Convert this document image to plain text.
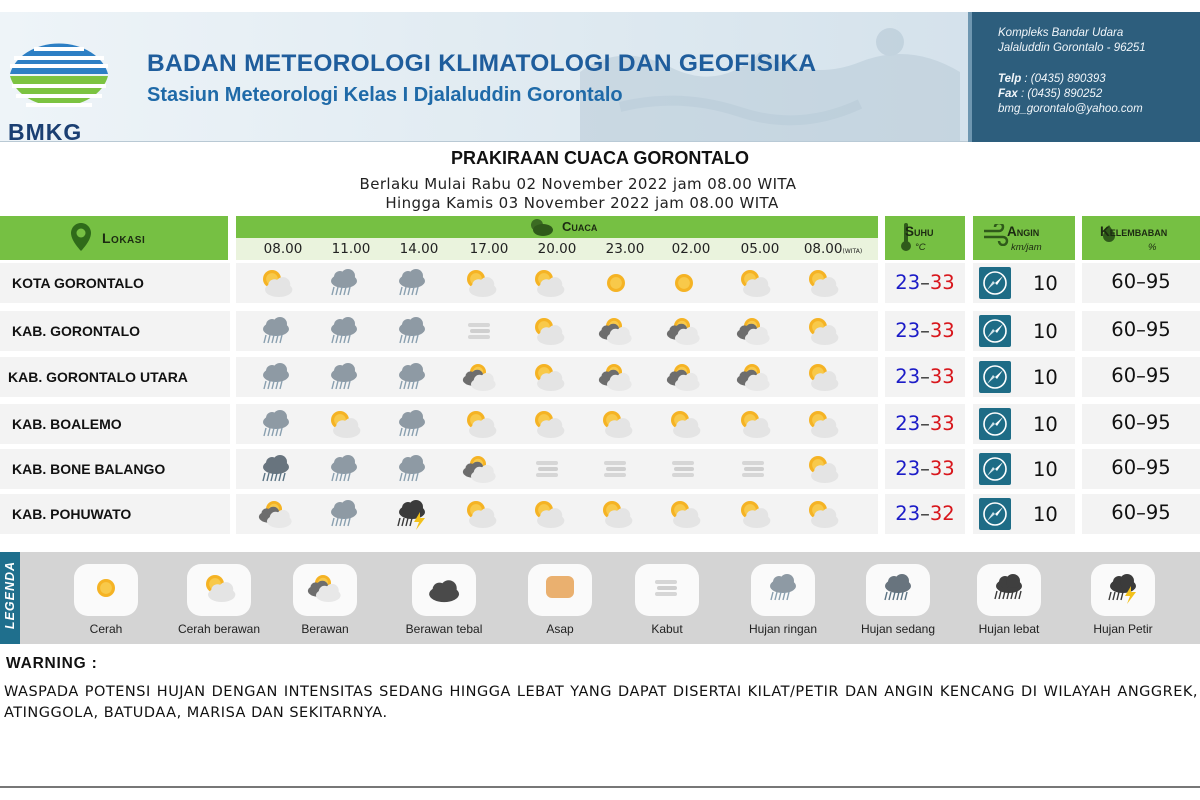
BMKG
BADAN METEOROLOGI KLIMATOLOGI DAN GEOFISIKA
Stasiun Meteorologi Kelas I Djalaluddin Gorontalo
Kompleks Bandar Udara
Jalaluddin Gorontalo - 96251
Telp : (0435) 890393
Fax : (0435) 890252
bmg_gorontalo@yahoo.com
PRAKIRAAN CUACA GORONTALO
Berlaku Mulai Rabu 02 November 2022 jam 08.00 WITA
Hingga Kamis 03 November 2022 jam 08.00 WITA
Lokasi
Cuaca
08.00	11.00	14.00	17.00	20.00	23.00	02.00	05.00	08.00(WITA)
Suhu
°C
Angin
km/jam
Kelembaban
%
KOTA GORONTALO	23–33	10	60–95
KAB. GORONTALO	23–33	10	60–95
KAB. GORONTALO UTARA	23–33	10	60–95
KAB. BOALEMO	23–33	10	60–95
KAB. BONE BALANGO	23–33	10	60–95
KAB. POHUWATO	23–32	10	60–95
LEGENDA	Cerah	Cerah berawan	Berawan	Berawan tebal	Asap	Kabut	Hujan ringan	Hujan sedang	Hujan lebat	Hujan Petir
WARNING :
WASPADA POTENSI HUJAN DENGAN INTENSITAS SEDANG HINGGA LEBAT YANG DAPAT DISERTAI KILAT/PETIR DAN ANGIN KENCANG DI WILAYAH ANGGREK, ATINGGOLA, BATUDAA, MARISA DAN SEKITARNYA.
